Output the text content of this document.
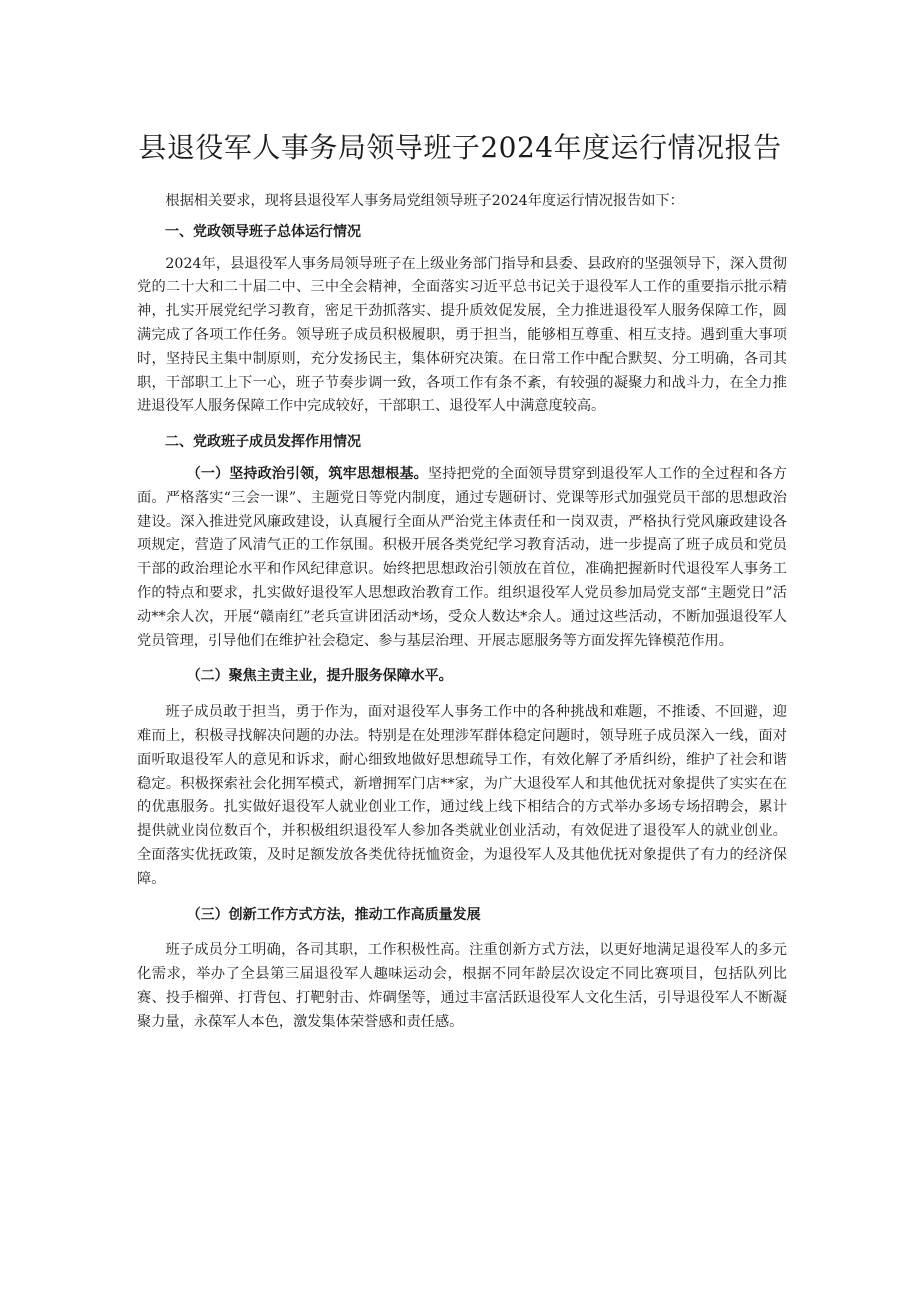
县退役军人事务局领导班子2024年度运行情况报告

根据相关要求，现将县退役军人事务局党组领导班子2024年度运行情况报告如下：

一、党政领导班子总体运行情况

2024年，县退役军人事务局领导班子在上级业务部门指导和县委、县政府的坚强领导下，深入贯彻党的二十大和二十届二中、三中全会精神，全面落实习近平总书记关于退役军人工作的重要指示批示精神，扎实开展党纪学习教育，密足干劲抓落实、提升质效促发展，全力推进退役军人服务保障工作，圆满完成了各项工作任务。领导班子成员积极履职，勇于担当，能够相互尊重、相互支持。遇到重大事项时，坚持民主集中制原则，充分发扬民主，集体研究决策。在日常工作中配合默契、分工明确，各司其职，干部职工上下一心，班子节奏步调一致，各项工作有条不紊，有较强的凝聚力和战斗力，在全力推进退役军人服务保障工作中完成较好，干部职工、退役军人中满意度较高。

二、党政班子成员发挥作用情况

（一）坚持政治引领，筑牢思想根基。坚持把党的全面领导贯穿到退役军人工作的全过程和各方面。严格落实“三会一课”、主题党日等党内制度，通过专题研讨、党课等形式加强党员干部的思想政治建设。深入推进党风廉政建设，认真履行全面从严治党主体责任和一岗双责，严格执行党风廉政建设各项规定，营造了风清气正的工作氛围。积极开展各类党纪学习教育活动，进一步提高了班子成员和党员干部的政治理论水平和作风纪律意识。始终把思想政治引领放在首位，准确把握新时代退役军人事务工作的特点和要求，扎实做好退役军人思想政治教育工作。组织退役军人党员参加局党支部“主题党日”活动**余人次，开展“赣南红”老兵宣讲团活动*场，受众人数达*余人。通过这些活动，不断加强退役军人党员管理，引导他们在维护社会稳定、参与基层治理、开展志愿服务等方面发挥先锋模范作用。

（二）聚焦主责主业，提升服务保障水平。

班子成员敢于担当，勇于作为，面对退役军人事务工作中的各种挑战和难题，不推诿、不回避，迎难而上，积极寻找解决问题的办法。特别是在处理涉军群体稳定问题时，领导班子成员深入一线，面对面听取退役军人的意见和诉求，耐心细致地做好思想疏导工作，有效化解了矛盾纠纷，维护了社会和谐稳定。积极探索社会化拥军模式，新增拥军门店**家，为广大退役军人和其他优抚对象提供了实实在在的优惠服务。扎实做好退役军人就业创业工作，通过线上线下相结合的方式举办多场专场招聘会，累计提供就业岗位数百个，并积极组织退役军人参加各类就业创业活动，有效促进了退役军人的就业创业。全面落实优抚政策，及时足额发放各类优待抚恤资金，为退役军人及其他优抚对象提供了有力的经济保障。

（三）创新工作方式方法，推动工作高质量发展

班子成员分工明确，各司其职，工作积极性高。注重创新方式方法，以更好地满足退役军人的多元化需求，举办了全县第三届退役军人趣味运动会，根据不同年龄层次设定不同比赛项目，包括队列比赛、投手榴弹、打背包、打靶射击、炸碉堡等，通过丰富活跃退役军人文化生活，引导退役军人不断凝聚力量，永葆军人本色，激发集体荣誉感和责任感。
